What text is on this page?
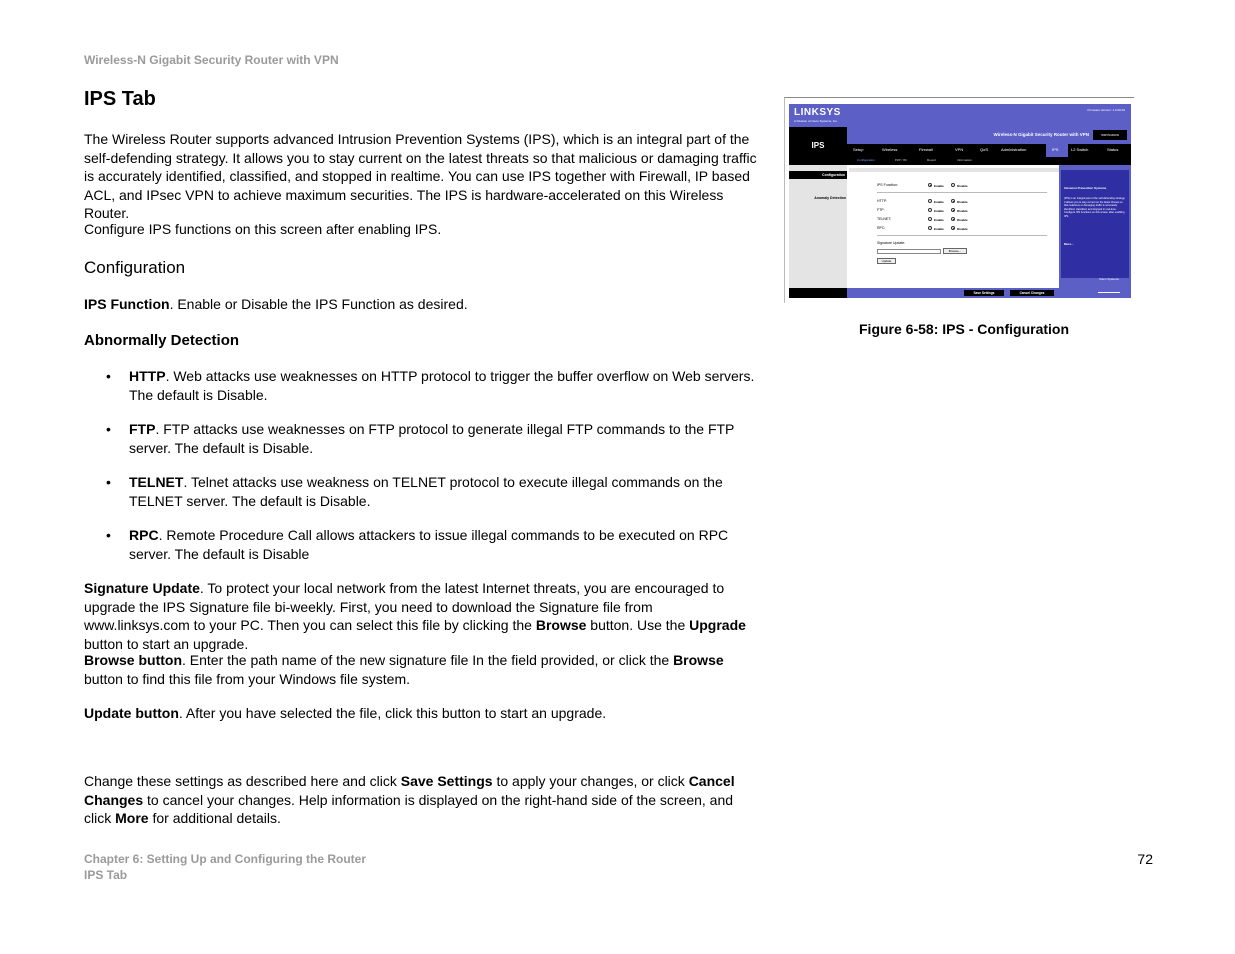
Wireless-N Gigabit Security Router with VPN
IPS Tab

The Wireless Router supports advanced Intrusion Prevention Systems (IPS), which is an integral part of the self-defending strategy. It allows you to stay current on the latest threats so that malicious or damaging traffic is accurately identified, classified, and stopped in realtime. You can use IPS together with Firewall, IP based ACL, and IPsec VPN to achieve maximum securities. The IPS is hardware-accelerated on this Wireless Router.

Configure IPS functions on this screen after enabling IPS.

Configuration

IPS Function. Enable or Disable the IPS Function as desired.

Abnormally Detection
• HTTP. Web attacks use weaknesses on HTTP protocol to trigger the buffer overflow on Web servers. The default is Disable.
• FTP. FTP attacks use weaknesses on FTP protocol to generate illegal FTP commands to the FTP server. The default is Disable.
• TELNET. Telnet attacks use weakness on TELNET protocol to execute illegal commands on the TELNET server. The default is Disable.
• RPC. Remote Procedure Call allows attackers to issue illegal commands to be executed on RPC server. The default is Disable

Signature Update. To protect your local network from the latest Internet threats, you are encouraged to upgrade the IPS Signature file bi-weekly. First, you need to download the Signature file from www.linksys.com to your PC. Then you can select this file by clicking the Browse button. Use the Upgrade button to start an upgrade.

Browse button. Enter the path name of the new signature file In the field provided, or click the Browse button to find this file from your Windows file system.

Update button. After you have selected the file, click this button to start an upgrade.

Change these settings as described here and click Save Settings to apply your changes, or click Cancel Changes to cancel your changes. Help information is displayed on the right-hand side of the screen, and click More for additional details.

LINKSYS
A Division of Cisco Systems, Inc.
Firmware Version: 1.0.00.00
IPS
Wireless-N Gigabit Security Router with VPN	WRVS4400N
Setup	Wireless	Firewall	VPN	QoS	Administration	IPS	L2 Switch	Status
Configuration	P2P / IM	Report	Information
Configuration
Anomaly Detection
IPS Function:	Enable	Disable
HTTP:	Enable	Disable
FTP:	Enable	Disable
TELNET:	Enable	Disable
RPC:	Enable	Disable
Signature Update:
Browse...
Update
Intrusion Prevention Systems
(IPS) is an integral part of the self-defending strategy. It allows you to stay current on the latest threats so that malicious or damaging traffic is accurately identified, classified, and stopped in real-time. Configure IPS functions on this screen after enabling IPS.
More...
Cisco Systems
Save Settings	Cancel Changes
Figure 6-58: IPS - Configuration
Chapter 6: Setting Up and Configuring the Router
IPS Tab
72
